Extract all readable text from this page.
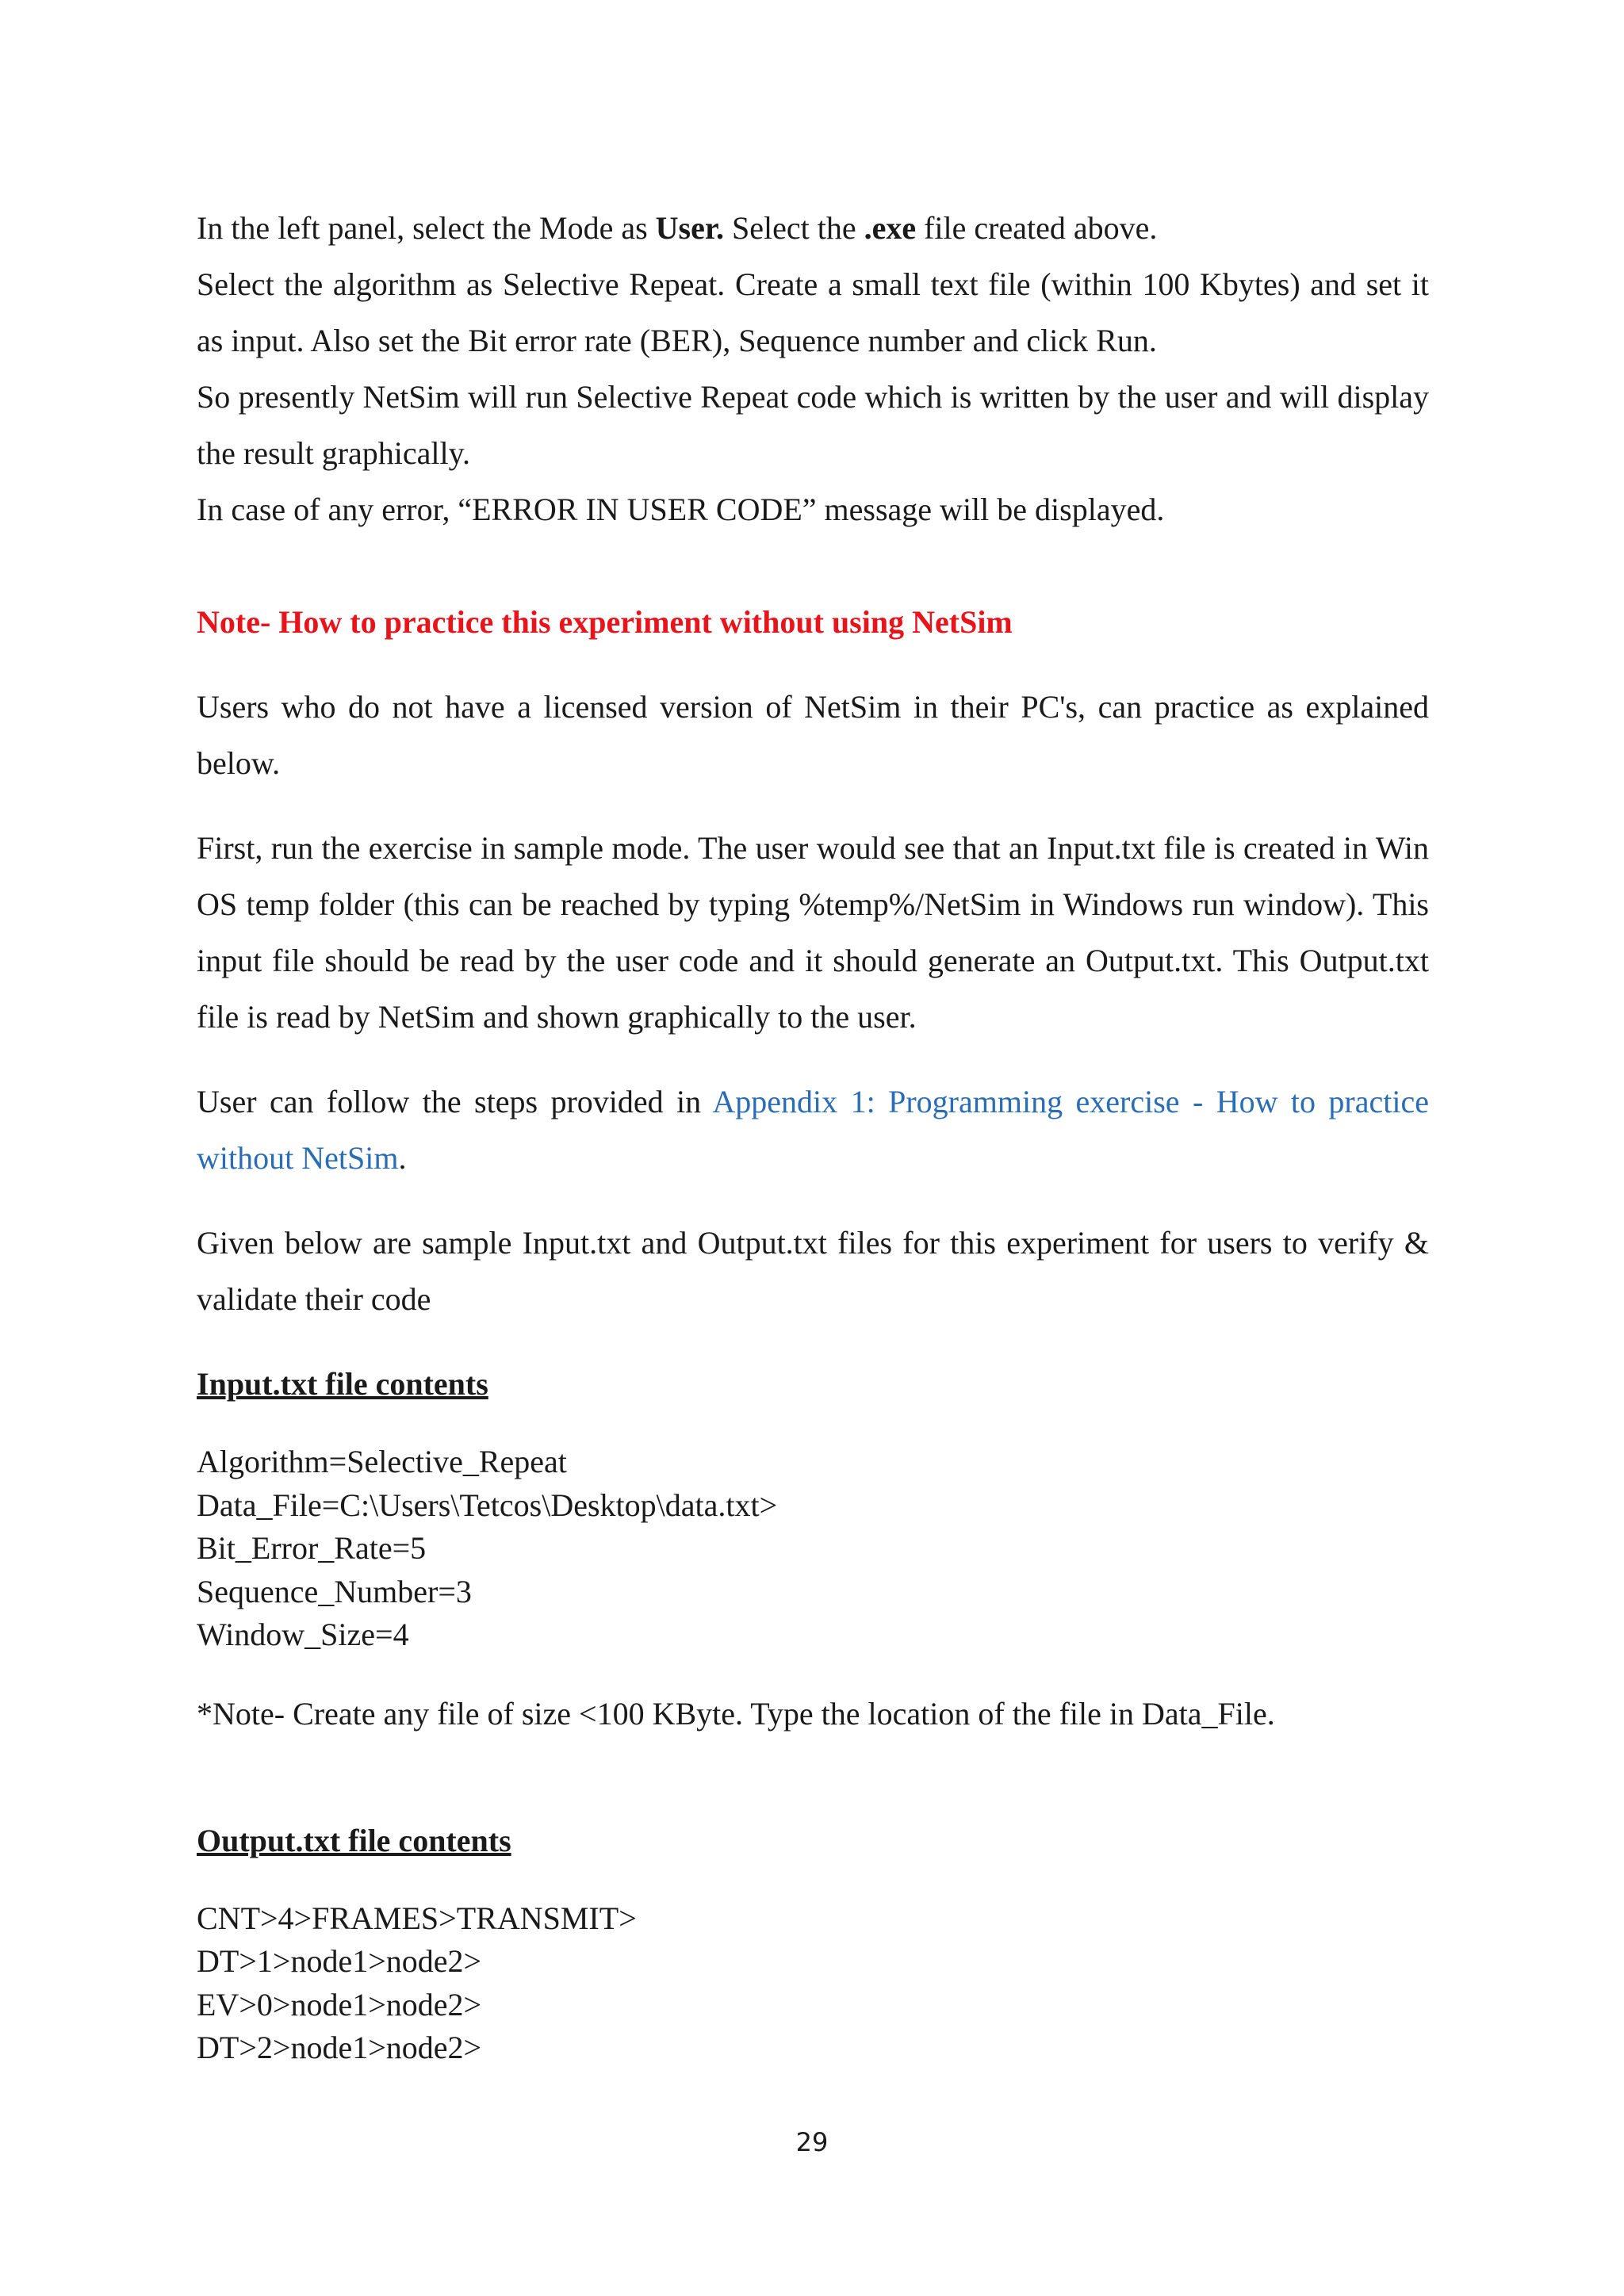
In the left panel, select the Mode as User. Select the .exe file created above.

Select the algorithm as Selective Repeat. Create a small text file (within 100 Kbytes) and set it as input. Also set the Bit error rate (BER), Sequence number and click Run.

So presently NetSim will run Selective Repeat code which is written by the user and will display the result graphically.

In case of any error, “ERROR IN USER CODE” message will be displayed.

Note- How to practice this experiment without using NetSim

Users who do not have a licensed version of NetSim in their PC's, can practice as explained below.

First, run the exercise in sample mode. The user would see that an Input.txt file is created in Win OS temp folder (this can be reached by typing %temp%/NetSim in Windows run window). This input file should be read by the user code and it should generate an Output.txt. This Output.txt file is read by NetSim and shown graphically to the user.

User can follow the steps provided in Appendix 1: Programming exercise - How to practice without NetSim.

Given below are sample Input.txt and Output.txt files for this experiment for users to verify & validate their code

Input.txt file contents

Algorithm=Selective_Repeat
Data_File=C:\Users\Tetcos\Desktop\data.txt>
Bit_Error_Rate=5
Sequence_Number=3
Window_Size=4

*Note- Create any file of size <100 KByte. Type the location of the file in Data_File.

Output.txt file contents

CNT>4>FRAMES>TRANSMIT>
DT>1>node1>node2>
EV>0>node1>node2>
DT>2>node1>node2>
29
